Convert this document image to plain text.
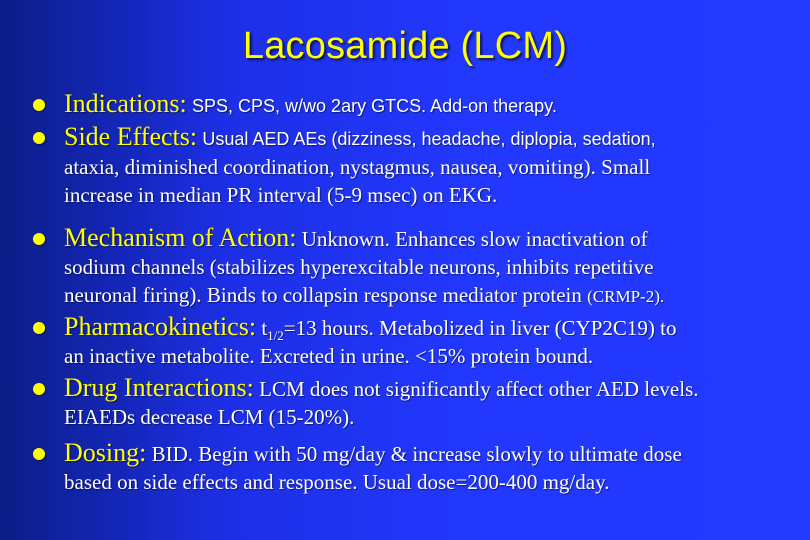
Lacosamide (LCM)
Indications: SPS, CPS, w/wo 2ary GTCS. Add-on therapy.
Side Effects: Usual AED AEs (dizziness, headache, diplopia, sedation,
ataxia, diminished coordination, nystagmus, nausea, vomiting). Small
increase in median PR interval (5-9 msec) on EKG.
Mechanism of Action: Unknown. Enhances slow inactivation of
sodium channels (stabilizes hyperexcitable neurons, inhibits repetitive
neuronal firing). Binds to collapsin response mediator protein (CRMP-2).
Pharmacokinetics: $t_{1/2}=13$ hours. Metabolized in liver (CYP2C19) to
an inactive metabolite. Excreted in urine. <15% protein bound.
Drug Interactions: LCM does not significantly affect other AED levels.
EIAEDs decrease LCM (15-20%).
Dosing: BID. Begin with 50 mg/day & increase slowly to ultimate dose
based on side effects and response. Usual dose=200-400 mg/day.
